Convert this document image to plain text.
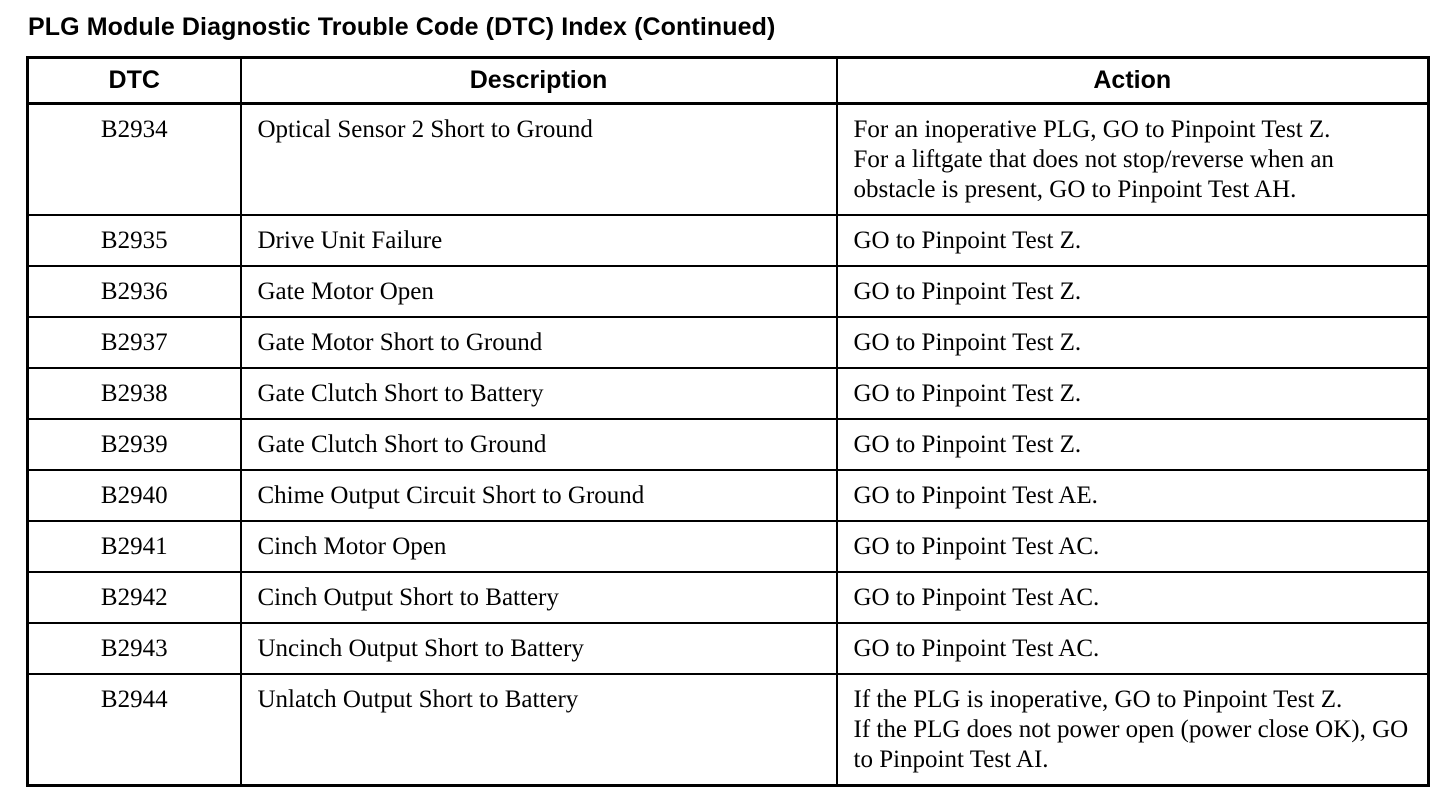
PLG Module Diagnostic Trouble Code (DTC) Index (Continued)
DTC	Description	Action
B2934	Optical Sensor 2 Short to Ground	For an inoperative PLG, GO to Pinpoint Test Z.
For a liftgate that does not stop/reverse when an obstacle is present, GO to Pinpoint Test AH.

B2935	Drive Unit Failure	GO to Pinpoint Test Z.

B2936	Gate Motor Open	GO to Pinpoint Test Z.

B2937	Gate Motor Short to Ground	GO to Pinpoint Test Z.

B2938	Gate Clutch Short to Battery	GO to Pinpoint Test Z.

B2939	Gate Clutch Short to Ground	GO to Pinpoint Test Z.

B2940	Chime Output Circuit Short to Ground	GO to Pinpoint Test AE.

B2941	Cinch Motor Open	GO to Pinpoint Test AC.

B2942	Cinch Output Short to Battery	GO to Pinpoint Test AC.

B2943	Uncinch Output Short to Battery	GO to Pinpoint Test AC.

B2944	Unlatch Output Short to Battery	If the PLG is inoperative, GO to Pinpoint Test Z.
If the PLG does not power open (power close OK), GO to Pinpoint Test AI.
